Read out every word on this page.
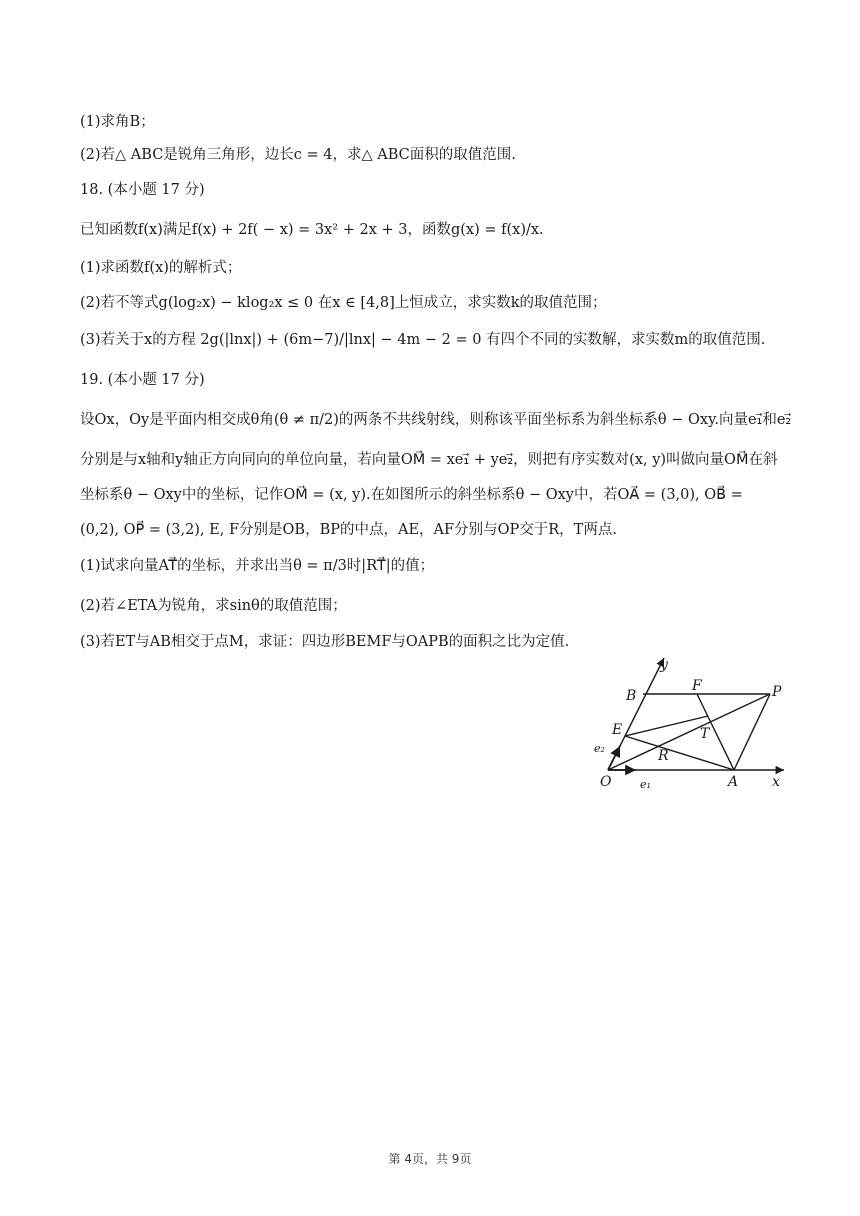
(1)求角B；

(2)若△ ABC是锐角三角形，边长c = 4，求△ ABC面积的取值范围.

18. (本小题 17 分)

已知函数f(x)满足f(x) + 2f( − x) = 3x² + 2x + 3，函数g(x) = f(x)/x.

(1)求函数f(x)的解析式；

(2)若不等式g(log₂x) − klog₂x ≤ 0 在x ∈ [4,8]上恒成立，求实数k的取值范围；

(3)若关于x的方程 2g(|lnx|) + (6m−7)/|lnx| − 4m − 2 = 0 有四个不同的实数解，求实数m的取值范围.

19. (本小题 17 分)

设Ox，Oy是平面内相交成θ角(θ ≠ π/2)的两条不共线射线，则称该平面坐标系为斜坐标系θ − Oxy.向量e₁⃗和e₂⃗

分别是与x轴和y轴正方向同向的单位向量，若向量OM⃗ = xe₁⃗ + ye₂⃗，则把有序实数对(x, y)叫做向量OM⃗在斜

坐标系θ − Oxy中的坐标，记作OM⃗ = (x, y).在如图所示的斜坐标系θ − Oxy中，若OA⃗ = (3,0), OB⃗ =

(0,2), OP⃗ = (3,2), E, F分别是OB，BP的中点，AE，AF分别与OP交于R，T两点.

(1)试求向量AT⃗的坐标，并求出当θ = π/3时|RT⃗|的值；

(2)若∠ETA为锐角，求sinθ的取值范围；

(3)若ET与AB相交于点M，求证：四边形BEMF与OAPB的面积之比为定值.

y
B
F	P
E	T
R
O	A x
e₁
e₂
第 4页，共 9页
